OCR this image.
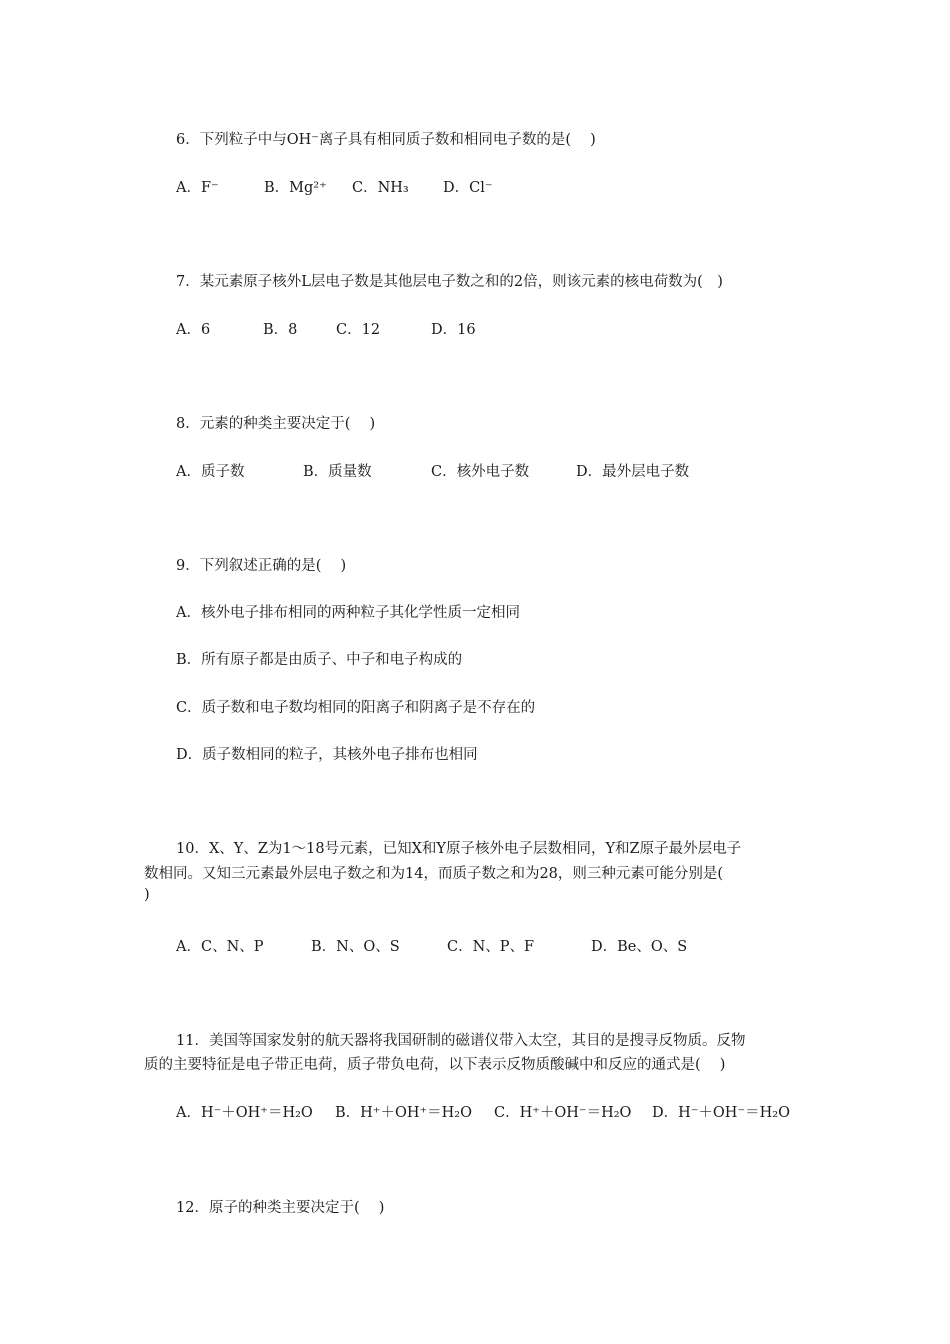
6．下列粒子中与OH⁻离子具有相同质子数和相同电子数的是(　 )
A．F⁻	B．Mg²⁺ C．NH₃ D．Cl⁻
7．某元素原子核外L层电子数是其他层电子数之和的2倍，则该元素的核电荷数为(　)
A．6	B．8	C．12	D．16
8．元素的种类主要决定于(　 )
A．质子数	B．质量数	C．核外电子数	D．最外层电子数
9．下列叙述正确的是(　 )
A．核外电子排布相同的两种粒子其化学性质一定相同
B．所有原子都是由质子、中子和电子构成的
C．质子数和电子数均相同的阳离子和阴离子是不存在的
D．质子数相同的粒子，其核外电子排布也相同
10．X、Y、Z为1～18号元素，已知X和Y原子核外电子层数相同，Y和Z原子最外层电子
数相同。又知三元素最外层电子数之和为14，而质子数之和为28，则三种元素可能分别是(
)
A．C、N、P	B．N、O、S	C．N、P、F	D．Be、O、S
11．美国等国家发射的航天器将我国研制的磁谱仪带入太空，其目的是搜寻反物质。反物
质的主要特征是电子带正电荷，质子带负电荷，以下表示反物质酸碱中和反应的通式是(　 )
A．H⁻＋OH⁺＝H₂O B．H⁺＋OH⁺＝H₂O C．H⁺＋OH⁻＝H₂O D．H⁻＋OH⁻＝H₂O
12．原子的种类主要决定于(　 )
